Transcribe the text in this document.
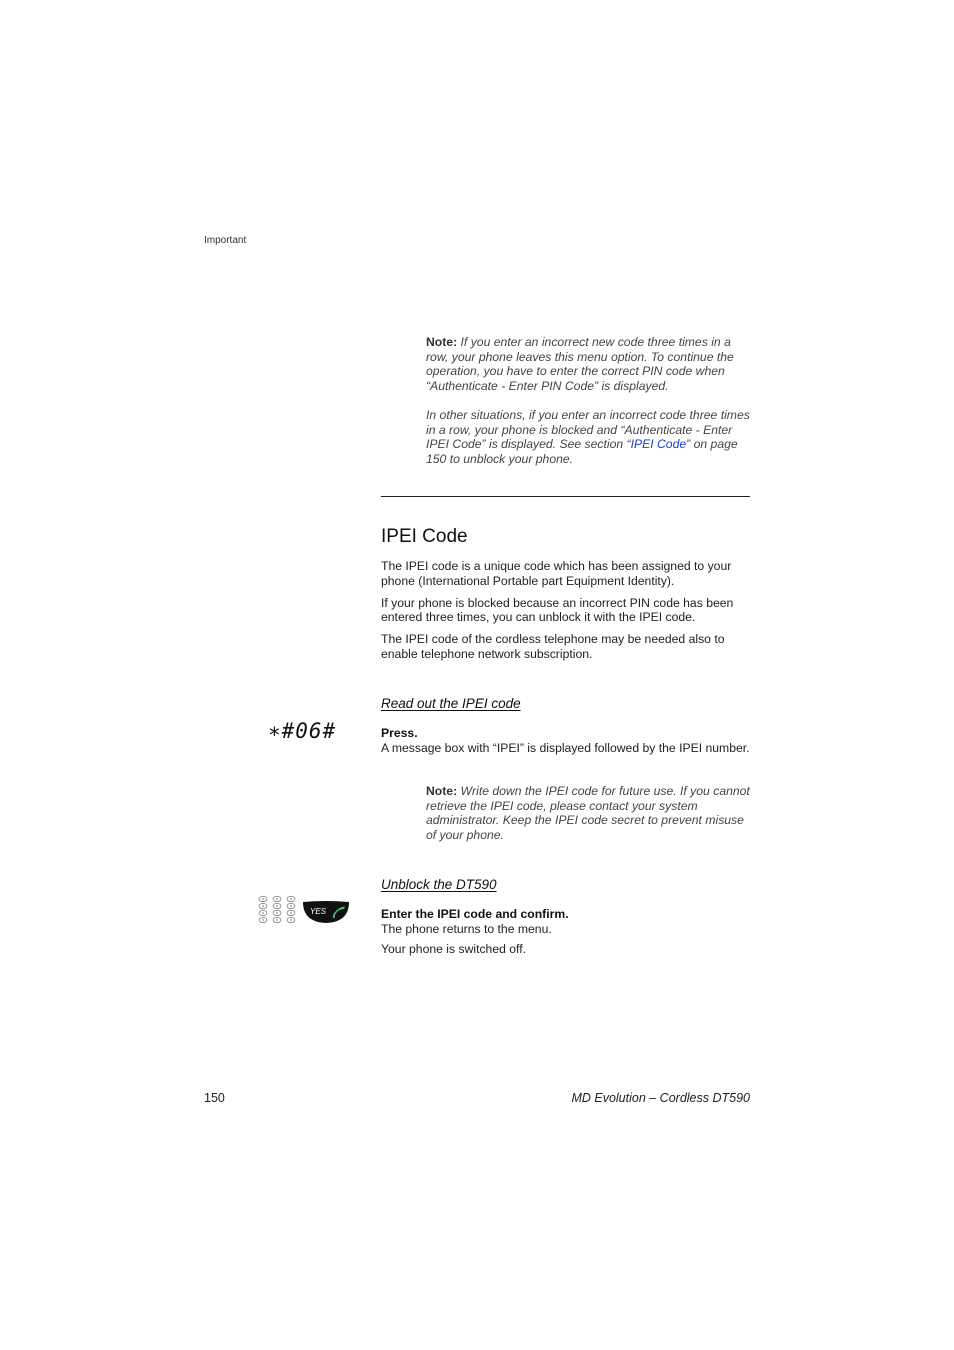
Important

Note: If you enter an incorrect new code three times in a row, your phone leaves this menu option. To continue the operation, you have to enter the correct PIN code when “Authenticate - Enter PIN Code” is displayed.

In other situations, if you enter an incorrect code three times in a row, your phone is blocked and “Authenticate - Enter IPEI Code” is displayed. See section “IPEI Code” on page 150 to unblock your phone.

IPEI Code

The IPEI code is a unique code which has been assigned to your phone (International Portable part Equipment Identity).

If your phone is blocked because an incorrect PIN code has been entered three times, you can unblock it with the IPEI code.

The IPEI code of the cordless telephone may be needed also to enable telephone network subscription.

Read out the IPEI code
∗#06#	Press.
A message box with “IPEI” is displayed followed by the IPEI number.

Note: Write down the IPEI code for future use. If you cannot retrieve the IPEI code, please contact your system administrator. Keep the IPEI code secret to prevent misuse of your phone.

Unblock the DT590
YES	Enter the IPEI code and confirm.
The phone returns to the menu.
Your phone is switched off.
150	MD Evolution – Cordless DT590
